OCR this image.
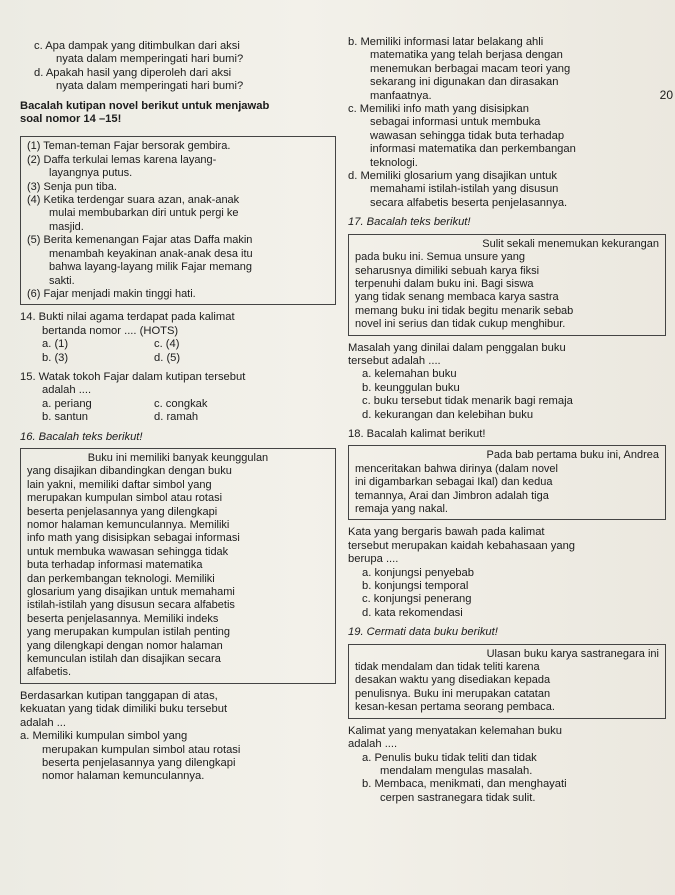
c. Apa dampak yang ditimbulkan dari aksi
nyata dalam memperingati hari bumi?
d. Apakah hasil yang diperoleh dari aksi
nyata dalam memperingati hari bumi?
Bacalah kutipan novel berikut untuk menjawab
soal nomor 14 –15!
(1) Teman-teman Fajar bersorak gembira.
(2) Daffa terkulai lemas karena layang-
layangnya putus.
(3) Senja pun tiba.
(4) Ketika terdengar suara azan, anak-anak
mulai membubarkan diri untuk pergi ke
masjid.
(5) Berita kemenangan Fajar atas Daffa makin
menambah keyakinan anak-anak desa itu
bahwa layang-layang milik Fajar memang
sakti.
(6) Fajar menjadi makin tinggi hati.
14. Bukti nilai agama terdapat pada kalimat
bertanda nomor .... (HOTS)
a. (1)	c. (4)
b. (3)	d. (5)
15. Watak tokoh Fajar dalam kutipan tersebut
adalah ....
a. periang	c. congkak
b. santun	d. ramah
16. Bacalah teks berikut!
Buku ini memiliki banyak keunggulan
yang disajikan dibandingkan dengan buku
lain yakni, memiliki daftar simbol yang
merupakan kumpulan simbol atau rotasi
beserta penjelasannya yang dilengkapi
nomor halaman kemunculannya. Memiliki
info math yang disisipkan sebagai informasi
untuk membuka wawasan sehingga tidak
buta terhadap informasi matematika
dan perkembangan teknologi. Memiliki
glosarium yang disajikan untuk memahami
istilah-istilah yang disusun secara alfabetis
beserta penjelasannya. Memiliki indeks
yang merupakan kumpulan istilah penting
yang dilengkapi dengan nomor halaman
kemunculan istilah dan disajikan secara
alfabetis.
Berdasarkan kutipan tanggapan di atas,
kekuatan yang tidak dimiliki buku tersebut
adalah ...
a. Memiliki kumpulan simbol yang
merupakan kumpulan simbol atau rotasi
beserta penjelasannya yang dilengkapi
nomor halaman kemunculannya.
b. Memiliki informasi latar belakang ahli
matematika yang telah berjasa dengan
menemukan berbagai macam teori yang
sekarang ini digunakan dan dirasakan
manfaatnya.
c. Memiliki info math yang disisipkan
sebagai informasi untuk membuka
wawasan sehingga tidak buta terhadap
informasi matematika dan perkembangan
teknologi.
d. Memiliki glosarium yang disajikan untuk
memahami istilah-istilah yang disusun
secara alfabetis beserta penjelasannya.
17. Bacalah teks berikut!
Sulit sekali menemukan kekurangan
pada buku ini. Semua unsure yang
seharusnya dimiliki sebuah karya fiksi
terpenuhi dalam buku ini. Bagi siswa
yang tidak senang membaca karya sastra
memang buku ini tidak begitu menarik sebab
novel ini serius dan tidak cukup menghibur.
Masalah yang dinilai dalam penggalan buku
tersebut adalah ....
a. kelemahan buku
b. keunggulan buku
c. buku tersebut tidak menarik bagi remaja
d. kekurangan dan kelebihan buku
18. Bacalah kalimat berikut!
Pada bab pertama buku ini, Andrea
menceritakan bahwa dirinya (dalam novel
ini digambarkan sebagai Ikal) dan kedua
temannya, Arai dan Jimbron adalah tiga
remaja yang nakal.
Kata yang bergaris bawah pada kalimat
tersebut merupakan kaidah kebahasaan yang
berupa ....
a. konjungsi penyebab
b. konjungsi temporal
c. konjungsi penerang
d. kata rekomendasi
19. Cermati data buku berikut!
Ulasan buku karya sastranegara ini
tidak mendalam dan tidak teliti karena
desakan waktu yang disediakan kepada
penulisnya. Buku ini merupakan catatan
kesan-kesan pertama seorang pembaca.
Kalimat yang menyatakan kelemahan buku
adalah ....
a. Penulis buku tidak teliti dan tidak
mendalam mengulas masalah.
b. Membaca, menikmati, dan menghayati
cerpen sastranegara tidak sulit.
20
